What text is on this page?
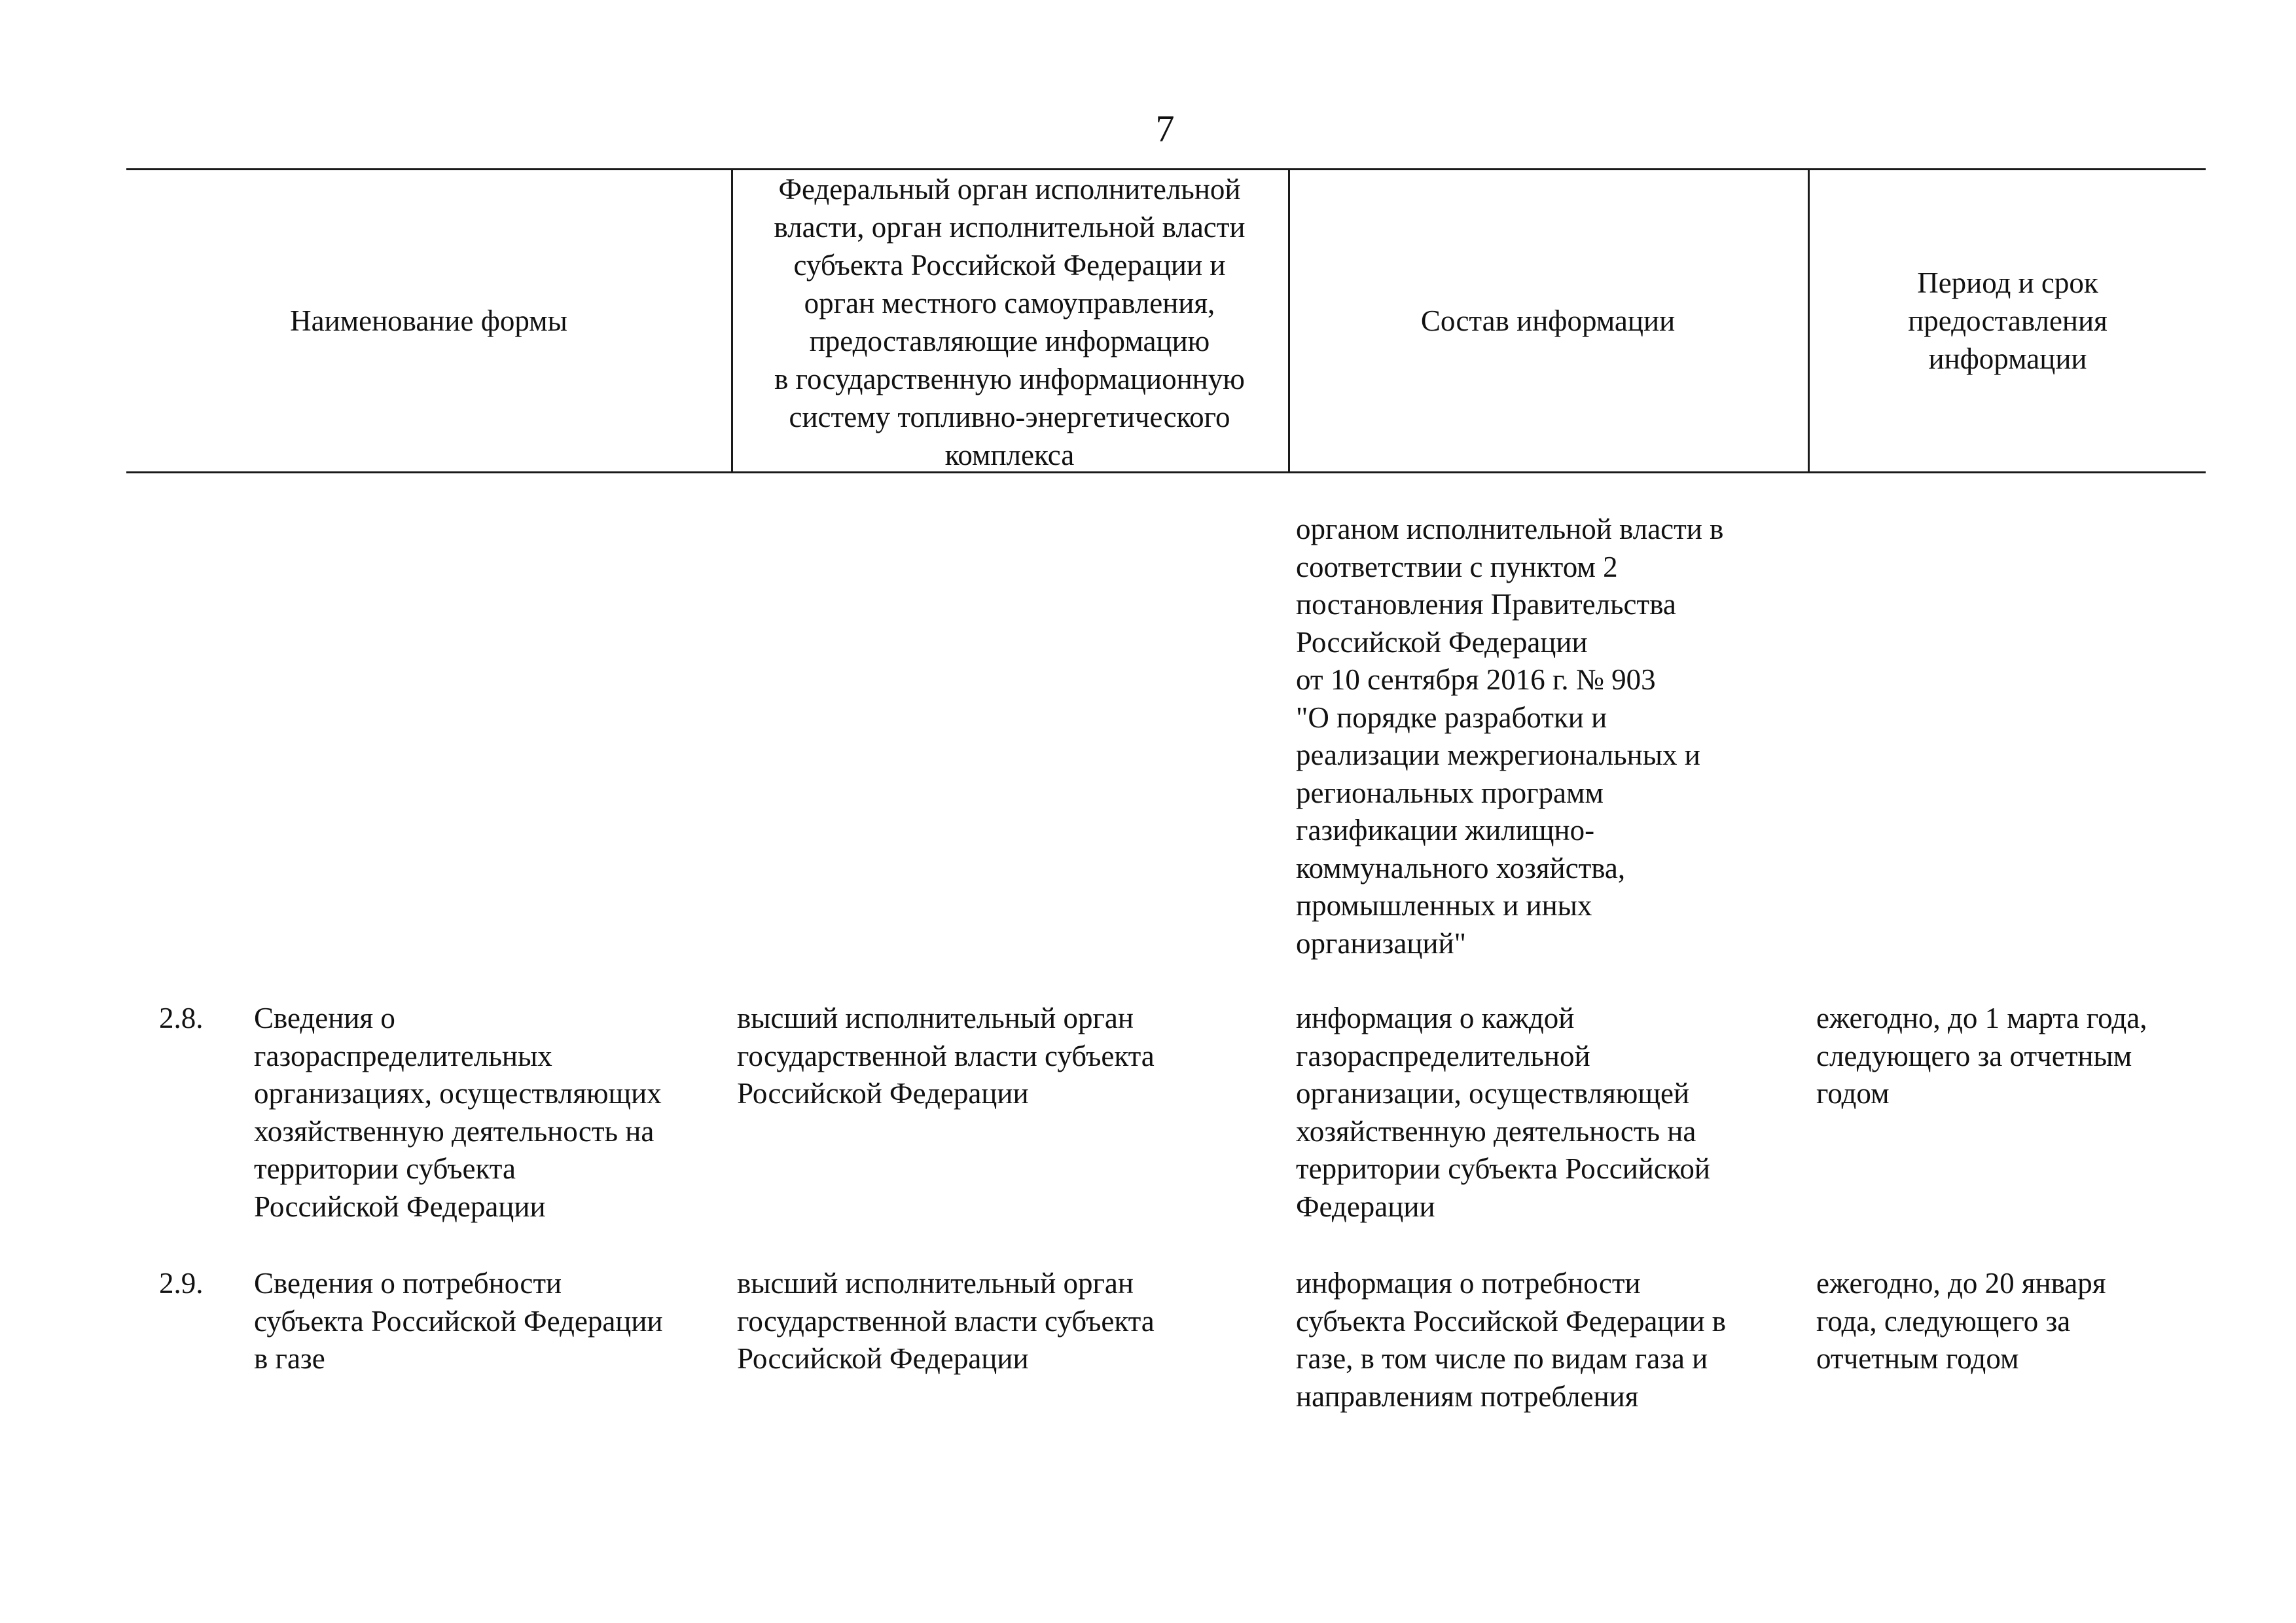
7
Наименование формы
Федеральный орган исполнительной
власти, орган исполнительной власти
субъекта Российской Федерации и
орган местного самоуправления,
предоставляющие информацию
в государственную информационную
систему топливно-энергетического
комплекса
Состав информации
Период и срок
предоставления
информации
органом исполнительной власти в
соответствии с пунктом 2
постановления Правительства
Российской Федерации
от 10 сентября 2016 г. № 903
"О порядке разработки и
реализации межрегиональных и
региональных программ
газификации жилищно-
коммунального хозяйства,
промышленных и иных
организаций"
2.8.	Сведения о
газораспределительных
организациях, осуществляющих
хозяйственную деятельность на
территории субъекта
Российской Федерации
высший исполнительный орган
государственной власти субъекта
Российской Федерации
информация о каждой
газораспределительной
организации, осуществляющей
хозяйственную деятельность на
территории субъекта Российской
Федерации
ежегодно, до 1 марта года,
следующего за отчетным
годом
2.9.	Сведения о потребности
субъекта Российской Федерации
в газе
высший исполнительный орган
государственной власти субъекта
Российской Федерации
информация о потребности
субъекта Российской Федерации в
газе, в том числе по видам газа и
направлениям потребления
ежегодно, до 20 января
года, следующего за
отчетным годом
